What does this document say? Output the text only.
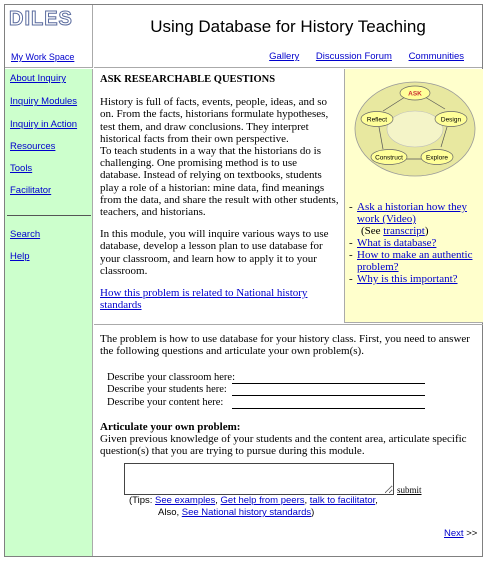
DILES
My Work Space
Using Database for History Teaching
Gallery Discussion Forum Communities
About Inquiry
Inquiry Modules
Inquiry in Action
Resources
Tools
Facilitator
Search
Help
ASK RESEARCHABLE QUESTIONS

History is full of facts, events, people, ideas, and so on. From the facts, historians formulate hypotheses, test them, and draw conclusions. They interpret historical facts from their own perspective.
To teach students in a way that the historians do is challenging. One promising method is to use database. Instead of relying on textbooks, students play a role of a historian: mine data, find meanings from the data, and share the result with other students, teachers, and historians.

In this module, you will inquire various ways to use database, develop a lesson plan to use database for your classroom, and learn how to apply it to your classroom.

How this problem is related to National history standards
ASK
Design
Explore
Construct
Reflect
- Ask a historian how they work (Video)
(See transcript)
- What is database?
- How to make an authentic problem?
- Why is this important?
The problem is how to use database for your history class. First, you need to answer the following questions and articulate your own problem(s).
Describe your classroom here:
Describe your students here:
Describe your content here:
Articulate your own problem:
Given previous knowledge of your students and the content area, articulate specific question(s) that you are trying to pursue during this module.
submit
(Tips: See examples, Get help from peers, talk to facilitator,
Also, See National history standards)
Next >>
